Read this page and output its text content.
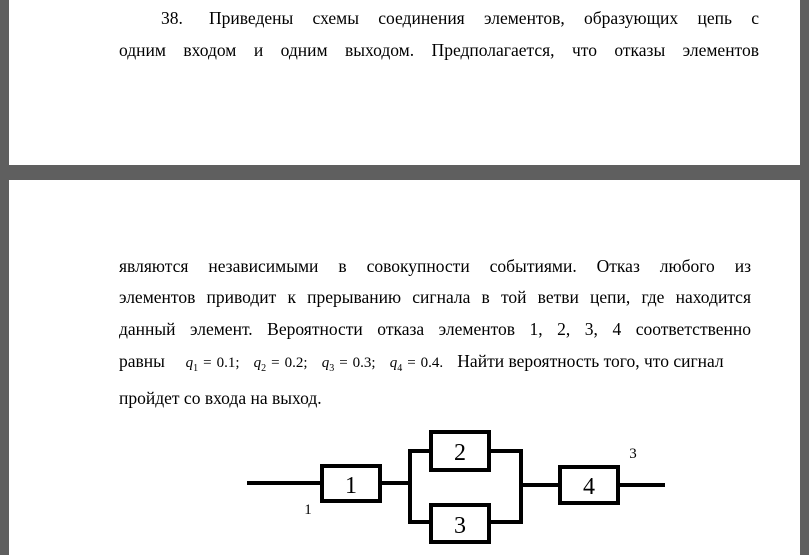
38. Приведены схемы соединения элементов, образующих цепь с
одним входом и одним выходом. Предполагается, что отказы элементов
являются независимыми в совокупности событиями. Отказ любого из
элементов приводит к прерыванию сигнала в той ветви цепи, где находится
данный элемент. Вероятности отказа элементов 1, 2, 3, 4 соответственно
равны $q_1 = 0.1$; $q_2 = 0.2$; $q_3 = 0.3$; $q_4 = 0.4$. Найти вероятность того, что сигнал
пройдет со входа на выход.
1
2
3
4
1
3
